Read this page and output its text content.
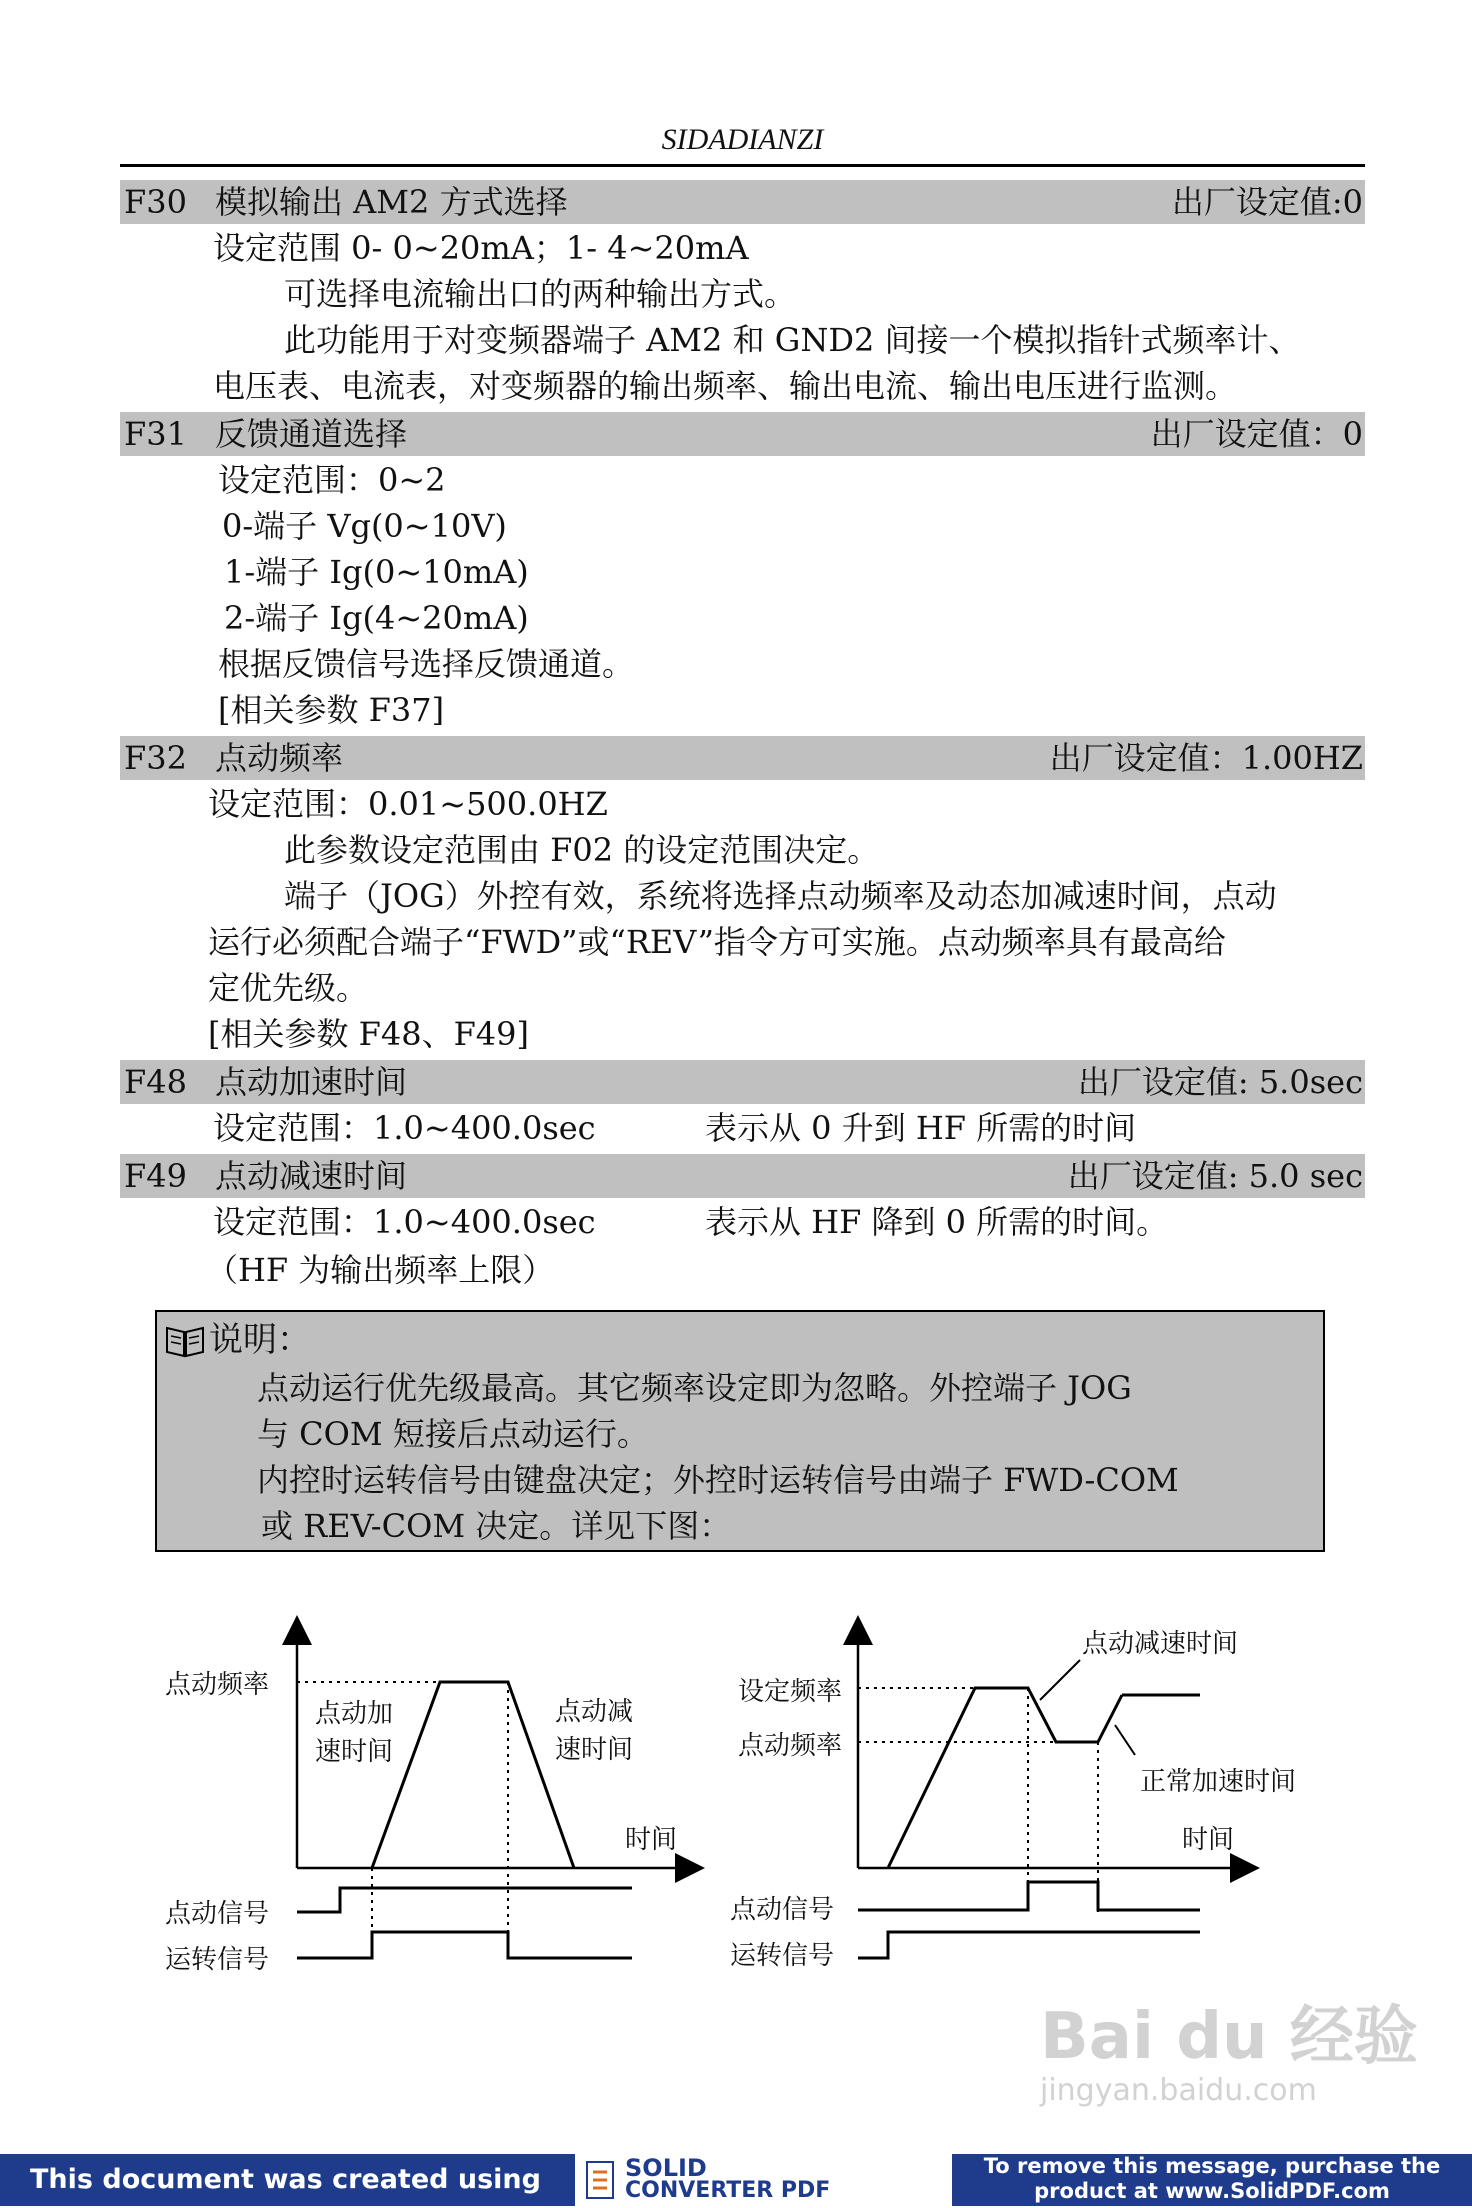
SIDADIANZI
F30 模拟输出 AM2 方式选择	出厂设定值:0
设定范围 0- 0~20mA；1- 4~20mA
可选择电流输出口的两种输出方式。
此功能用于对变频器端子 AM2 和 GND2 间接一个模拟指针式频率计、
电压表、电流表，对变频器的输出频率、输出电流、输出电压进行监测。
F31 反馈通道选择	出厂设定值：0
设定范围：0~2
0-端子 Vg(0~10V)
1-端子 Ig(0~10mA)
2-端子 Ig(4~20mA)
根据反馈信号选择反馈通道。
[相关参数 F37]
F32 点动频率	出厂设定值：1.00HZ
设定范围：0.01~500.0HZ
此参数设定范围由 F02 的设定范围决定。
端子（JOG）外控有效，系统将选择点动频率及动态加减速时间，点动
运行必须配合端子“FWD”或“REV”指令方可实施。点动频率具有最高给
定优先级。
[相关参数 F48、F49]
F48 点动加速时间	出厂设定值: 5.0sec
设定范围：1.0~400.0sec	表示从 0 升到 HF 所需的时间
F49 点动减速时间	出厂设定值: 5.0 sec
设定范围：1.0~400.0sec	表示从 HF 降到 0 所需的时间。
（HF 为输出频率上限）
说明：
点动运行优先级最高。其它频率设定即为忽略。外控端子 JOG
与 COM 短接后点动运行。
内控时运转信号由键盘决定；外控时运转信号由端子 FWD-COM
或 REV-COM 决定。详见下图：
点动频率
点动加
速时间
点动减
速时间
时间
点动信号
运转信号
点动减速时间
设定频率
点动频率
正常加速时间
时间
点动信号
运转信号
Bai du 经验
jingyan.baidu.com
This document was created using	SOLID
CONVERTER PDF
To remove this message, purchase the
product at www.SolidPDF.com
